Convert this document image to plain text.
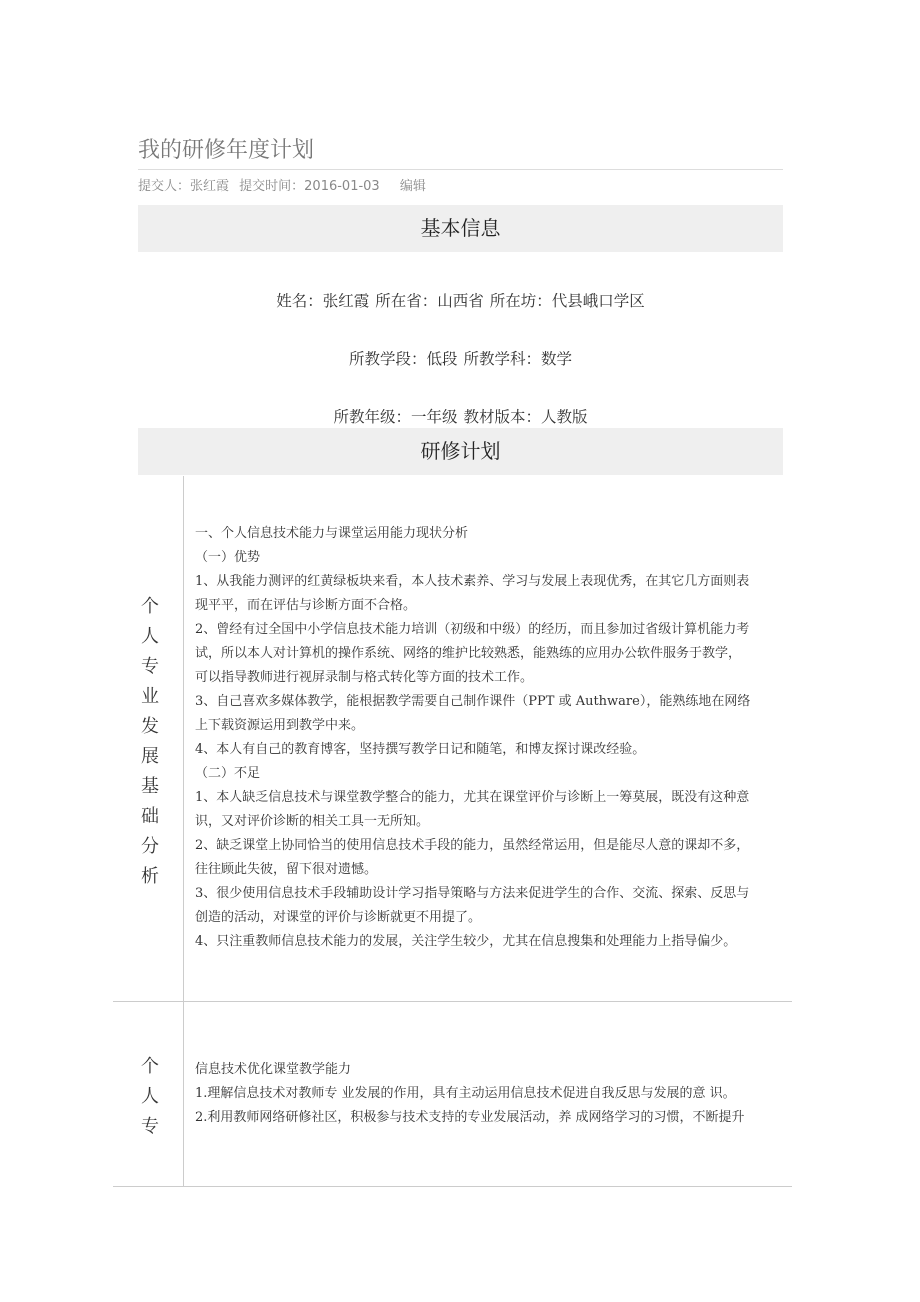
我的研修年度计划
提交人：张红霞 提交时间：2016-01-03 编辑
基本信息
姓名：张红霞 所在省：山西省 所在坊：代县峨口学区
所教学段：低段 所教学科：数学
所教年级：一年级 教材版本：人教版
研修计划
个
人
专
业
发
展
基
础
分
析

一、个人信息技术能力与课堂运用能力现状分析

（一）优势

1、从我能力测评的红黄绿板块来看，本人技术素养、学习与发展上表现优秀，在其它几方面则表

现平平，而在评估与诊断方面不合格。

2、曾经有过全国中小学信息技术能力培训（初级和中级）的经历，而且参加过省级计算机能力考

试，所以本人对计算机的操作系统、网络的维护比较熟悉，能熟练的应用办公软件服务于教学，

可以指导教师进行视屏录制与格式转化等方面的技术工作。

3、自己喜欢多媒体教学，能根据教学需要自己制作课件（PPT 或 Authware），能熟练地在网络

上下载资源运用到教学中来。

4、本人有自己的教育博客，坚持撰写教学日记和随笔，和博友探讨课改经验。

（二）不足

1、本人缺乏信息技术与课堂教学整合的能力，尤其在课堂评价与诊断上一筹莫展，既没有这种意

识，又对评价诊断的相关工具一无所知。

2、缺乏课堂上协同恰当的使用信息技术手段的能力，虽然经常运用，但是能尽人意的课却不多，

往往顾此失彼，留下很对遗憾。

3、很少使用信息技术手段辅助设计学习指导策略与方法来促进学生的合作、交流、探索、反思与

创造的活动，对课堂的评价与诊断就更不用提了。

4、只注重教师信息技术能力的发展，关注学生较少，尤其在信息搜集和处理能力上指导偏少。

个
人
专

信息技术优化课堂教学能力

1.理解信息技术对教师专 业发展的作用，具有主动运用信息技术促进自我反思与发展的意 识。

2.利用教师网络研修社区，积极参与技术支持的专业发展活动，养 成网络学习的习惯，不断提升
